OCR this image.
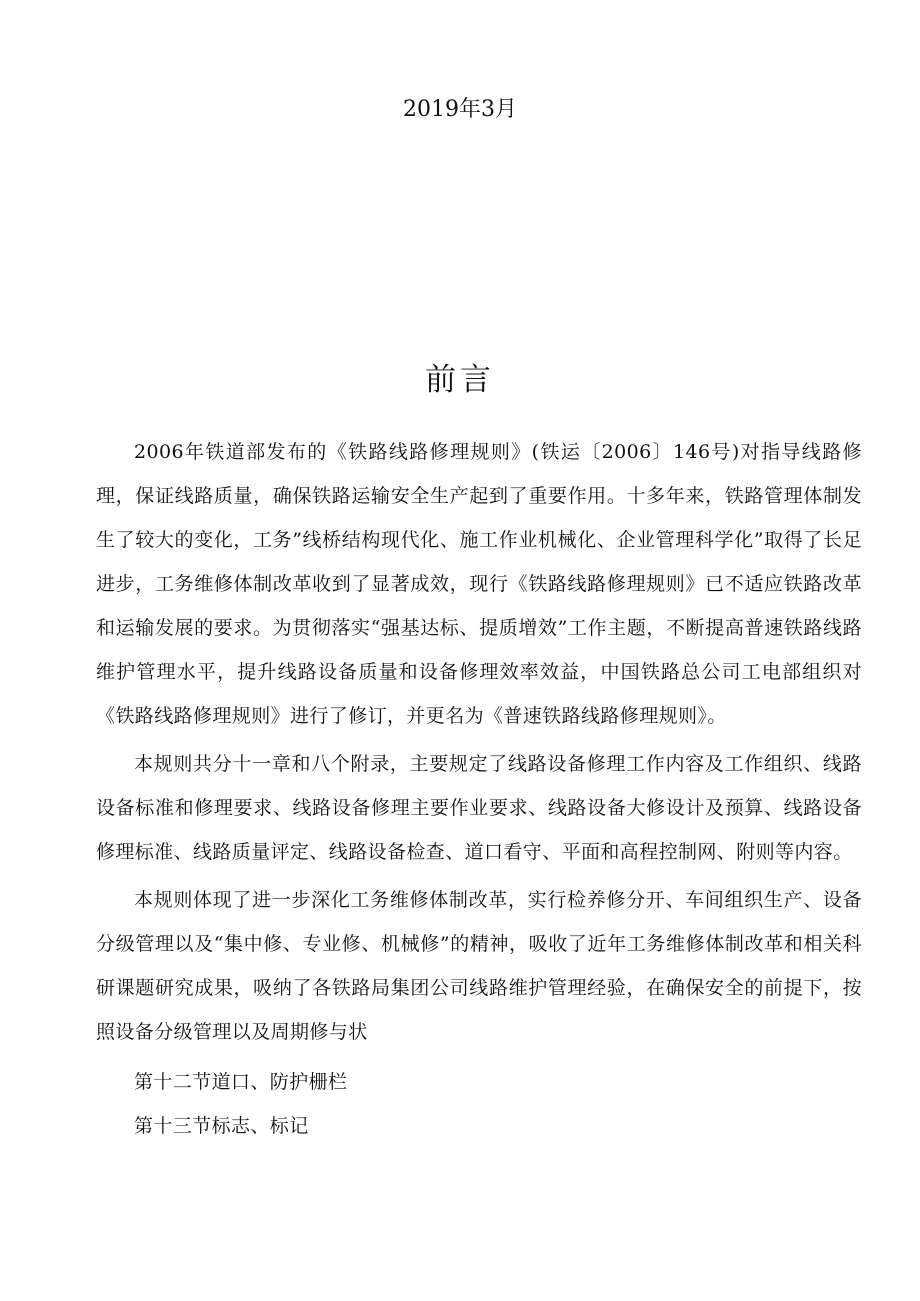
2019年3月
前言

2006年铁道部发布的《铁路线路修理规则》(铁运〔2006〕146号)对指导线路修理，保证线路质量，确保铁路运输安全生产起到了重要作用。十多年来，铁路管理体制发生了较大的变化，工务”线桥结构现代化、施工作业机械化、企业管理科学化”取得了长足进步，工务维修体制改革收到了显著成效，现行《铁路线路修理规则》已不适应铁路改革和运输发展的要求。为贯彻落实“强基达标、提质增效”工作主题，不断提高普速铁路线路维护管理水平，提升线路设备质量和设备修理效率效益，中国铁路总公司工电部组织对《铁路线路修理规则》进行了修订，并更名为《普速铁路线路修理规则》。

本规则共分十一章和八个附录，主要规定了线路设备修理工作内容及工作组织、线路设备标准和修理要求、线路设备修理主要作业要求、线路设备大修设计及预算、线路设备修理标准、线路质量评定、线路设备检查、道口看守、平面和高程控制网、附则等内容。

本规则体现了进一步深化工务维修体制改革，实行检养修分开、车间组织生产、设备分级管理以及“集中修、专业修、机械修”的精神，吸收了近年工务维修体制改革和相关科研课题研究成果，吸纳了各铁路局集团公司线路维护管理经验，在确保安全的前提下，按照设备分级管理以及周期修与状

第十二节道口、防护栅栏

第十三节标志、标记
